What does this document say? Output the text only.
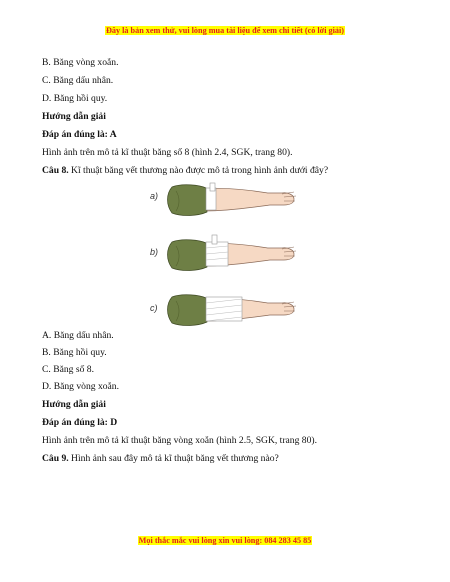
Đây là bản xem thử, vui lòng mua tài liệu để xem chi tiết (có lời giải)
B. Băng vòng xoắn.
C. Băng dấu nhân.
D. Băng hồi quy.
Hướng dẫn giải
Đáp án đúng là: A
Hình ảnh trên mô tả kĩ thuật băng số 8 (hình 2.4, SGK, trang 80).
Câu 8. Kĩ thuật băng vết thương nào được mô tả trong hình ảnh dưới đây?
a)
b)
c)
A. Băng dấu nhân.
B. Băng hồi quy.
C. Băng số 8.
D. Băng vòng xoắn.
Hướng dẫn giải
Đáp án đúng là: D
Hình ảnh trên mô tả kĩ thuật băng vòng xoắn (hình 2.5, SGK, trang 80).
Câu 9. Hình ảnh sau đây mô tả kĩ thuật băng vết thương nào?
Mọi thắc mắc vui lòng xin vui lòng: 084 283 45 85
